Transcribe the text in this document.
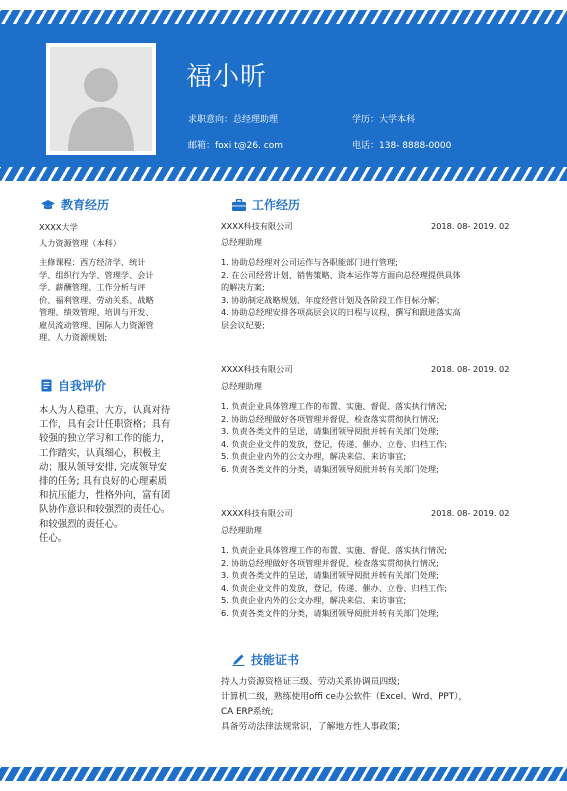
福小昕
求职意向：总经理助理	学历：大学本科
邮箱：foxi t@26. com	电话：138- 8888-0000
教育经历
XXXX大学
人力资源管理（本科）
主修课程：西方经济学、统计
学、组织行为学、管理学、会计
学、薪酬管理、工作分析与评
价、福利管理、劳动关系、战略
管理、绩效管理、培训与开发、
雇员流动管理、国际人力资源管
理、人力资源规划;
自我评价
本人为人稳重、大方，认真对待
工作，具有会计任职资格；具有
较强的独立学习和工作的能力，
工作踏实，认真细心，积极主
动；服从领导安排, 完成领导安
排的任务; 具有良好的心理素质
和抗压能力，性格外向，富有团
队协作意识和较强烈的责任心。
和较强烈的责任心。
任心。
工作经历
XXXX科技有限公司	2018. 08- 2019. 02
总经理助理
1. 协助总经理对公司运作与各职能部门进行管理;
2. 在公司经营计划、销售策略、资本运作等方面向总经理提供具体
的解决方案;
3. 协助制定战略规划、年度经营计划及各阶段工作目标分解；
4. 协助总经理安排各项高层会议的日程与议程，撰写和跟进落实高
层会议纪要;
XXXX科技有限公司	2018. 08- 2019. 02
总经理助理
1. 负责企业具体管理工作的布置、实施、督促、落实执行情况;
2. 协助总经理做好各项管理并督促、检查落实贯彻执行情况;
3. 负责各类文件的呈送，请集团领导阅批并转有关部门处理;
4. 负责企业文件的发放，登记，传递、催办、立卷、归档工作;
5. 负责企业内外的公文办理，解决来信、来访事宜;
6. 负责各类文件的分类，请集团领导阅批并转有关部门处理;
XXXX科技有限公司	2018. 08- 2019. 02
总经理助理
1. 负责企业具体管理工作的布置、实施、督促、落实执行情况;
2. 协助总经理做好各项管理并督促、检查落实贯彻执行情况;
3. 负责各类文件的呈送，请集团领导阅批并转有关部门处理;
4. 负责企业文件的发放，登记，传递、催办、立卷、归档工作;
5. 负责企业内外的公文办理，解决来信、来访事宜;
6. 负责各类文件的分类，请集团领导阅批并转有关部门处理;
技能证书
持人力资源资格证三级、劳动关系协调员四级;
计算机二级，熟练使用offi ce办公软件（Excel、Wrd、PPT），
CA ERP系统;
具备劳动法律法规常识，了解地方性人事政策;
